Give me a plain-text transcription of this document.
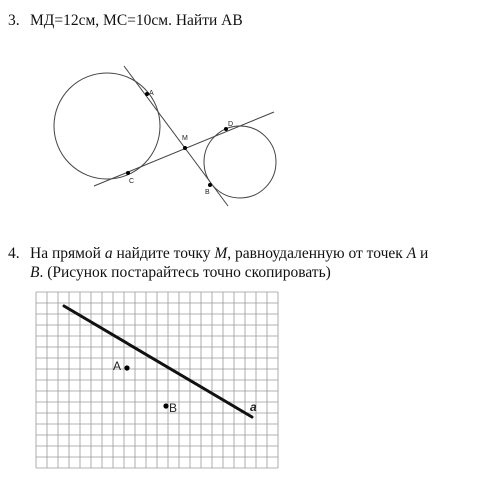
3. МД=12см, МС=10см. Найти АВ
A
M
D
C
B
4. На прямой a найдите точку M, равноудаленную от точек A и
B. (Рисунок постарайтесь точно скопировать)
A
B	a
